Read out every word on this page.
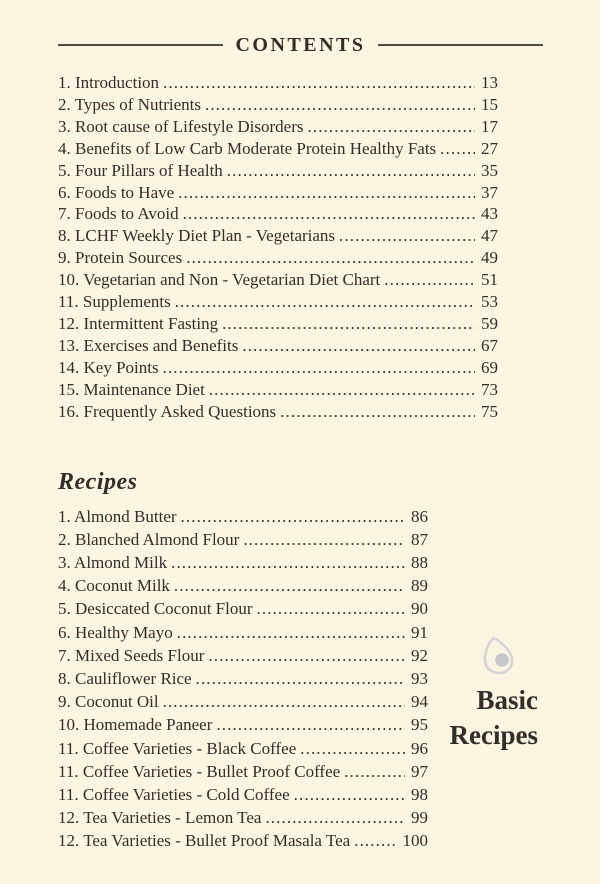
CONTENTS
1. Introduction .....	13
2. Types of Nutrients .....	15
3. Root cause of Lifestyle Disorders .....	17
4. Benefits of Low Carb Moderate Protein Healthy Fats .....	27
5. Four Pillars of Health .....	35
6. Foods to Have .....	37
7. Foods to Avoid .....	43
8. LCHF Weekly Diet Plan - Vegetarians .....	47
9. Protein Sources .....	49
10. Vegetarian and Non - Vegetarian Diet Chart .....	51
11. Supplements .....	53
12. Intermittent Fasting .....	59
13. Exercises and Benefits .....	67
14. Key Points .....	69
15. Maintenance Diet .....	73
16. Frequently Asked Questions .....	75
Recipes
1. Almond Butter .....	86
2. Blanched Almond Flour .....	87
3. Almond Milk .....	88
4. Coconut Milk .....	89
5. Desiccated Coconut Flour .....	90
6. Healthy Mayo .....	91
7. Mixed Seeds Flour .....	92
8. Cauliflower Rice .....	93
9. Coconut Oil .....	94
10. Homemade Paneer .....	95
11. Coffee Varieties - Black Coffee .....	96
11. Coffee Varieties - Bullet Proof Coffee .....	97
11. Coffee Varieties - Cold Coffee .....	98
12. Tea Varieties - Lemon Tea .....	99
12. Tea Varieties - Bullet Proof Masala Tea .....	100
Basic
Recipes
